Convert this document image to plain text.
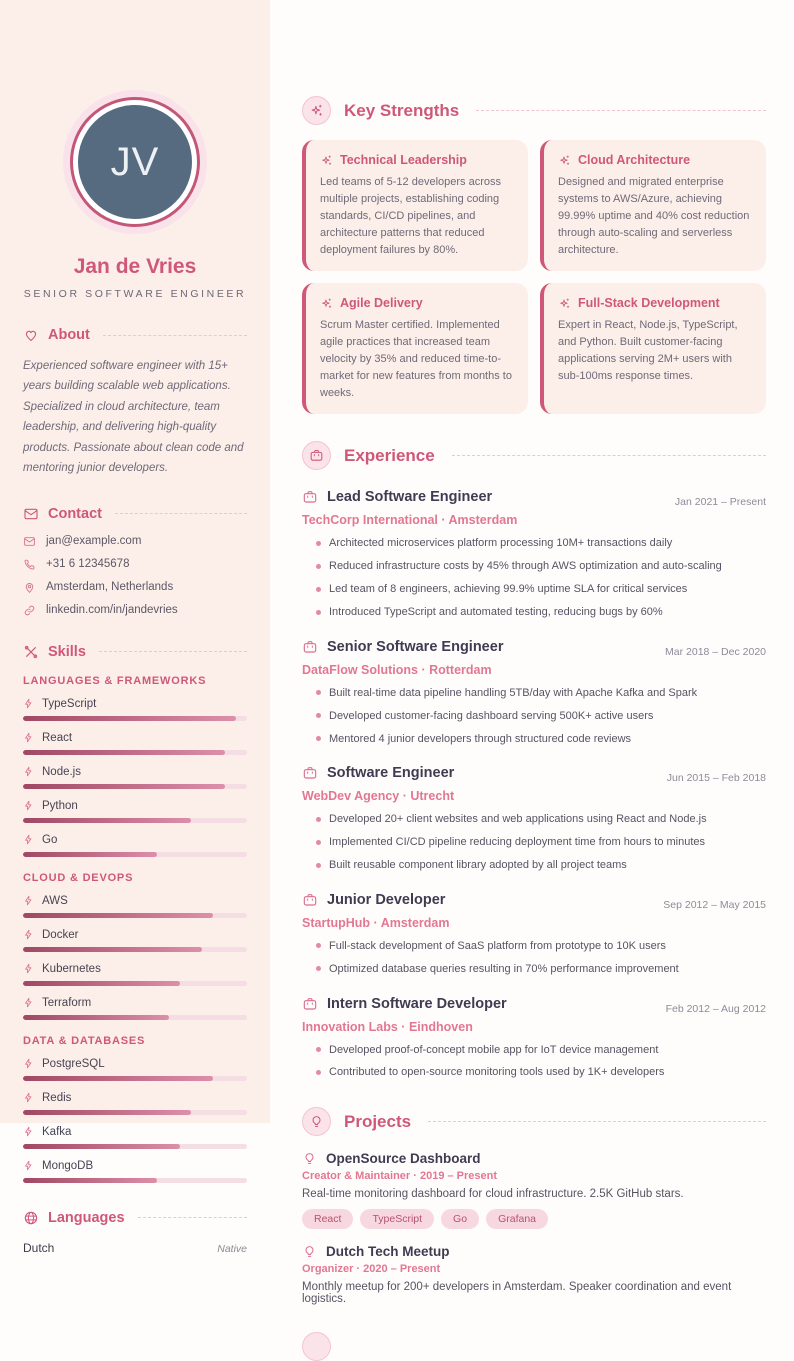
JV
Jan de Vries
SENIOR SOFTWARE ENGINEER
About

Experienced software engineer with 15+ years building scalable web applications. Specialized in cloud architecture, team leadership, and delivering high-quality products. Passionate about clean code and mentoring junior developers.

Contact
jan@example.com
+31 6 12345678
Amsterdam, Netherlands
linkedin.com/in/jandevries
Skills
LANGUAGES & FRAMEWORKS
TypeScript
React
Node.js
Python
Go
CLOUD & DEVOPS
AWS
Docker
Kubernetes
Terraform
DATA & DATABASES
PostgreSQL
Redis
Kafka
MongoDB
Languages
Dutch	Native
Key Strengths
Technical Leadership

Led teams of 5-12 developers across multiple projects, establishing coding standards, CI/CD pipelines, and architecture patterns that reduced deployment failures by 80%.

Cloud Architecture

Designed and migrated enterprise systems to AWS/Azure, achieving 99.99% uptime and 40% cost reduction through auto-scaling and serverless architecture.

Agile Delivery

Scrum Master certified. Implemented agile practices that increased team velocity by 35% and reduced time-to-market for new features from months to weeks.

Full-Stack Development

Expert in React, Node.js, TypeScript, and Python. Built customer-facing applications serving 2M+ users with sub-100ms response times.

Experience
Lead Software Engineer	Jan 2021 – Present
TechCorp International · Amsterdam
Architected microservices platform processing 10M+ transactions daily
Reduced infrastructure costs by 45% through AWS optimization and auto-scaling
Led team of 8 engineers, achieving 99.9% uptime SLA for critical services
Introduced TypeScript and automated testing, reducing bugs by 60%
Senior Software Engineer	Mar 2018 – Dec 2020
DataFlow Solutions · Rotterdam
Built real-time data pipeline handling 5TB/day with Apache Kafka and Spark
Developed customer-facing dashboard serving 500K+ active users
Mentored 4 junior developers through structured code reviews
Software Engineer	Jun 2015 – Feb 2018
WebDev Agency · Utrecht
Developed 20+ client websites and web applications using React and Node.js
Implemented CI/CD pipeline reducing deployment time from hours to minutes
Built reusable component library adopted by all project teams
Junior Developer	Sep 2012 – May 2015
StartupHub · Amsterdam
Full-stack development of SaaS platform from prototype to 10K users
Optimized database queries resulting in 70% performance improvement
Intern Software Developer	Feb 2012 – Aug 2012
Innovation Labs · Eindhoven
Developed proof-of-concept mobile app for IoT device management
Contributed to open-source monitoring tools used by 1K+ developers
Projects
OpenSource Dashboard
Creator & Maintainer · 2019 – Present
Real-time monitoring dashboard for cloud infrastructure. 2.5K GitHub stars.
React	TypeScript	Go	Grafana
Dutch Tech Meetup
Organizer · 2020 – Present
Monthly meetup for 200+ developers in Amsterdam. Speaker coordination and event logistics.
